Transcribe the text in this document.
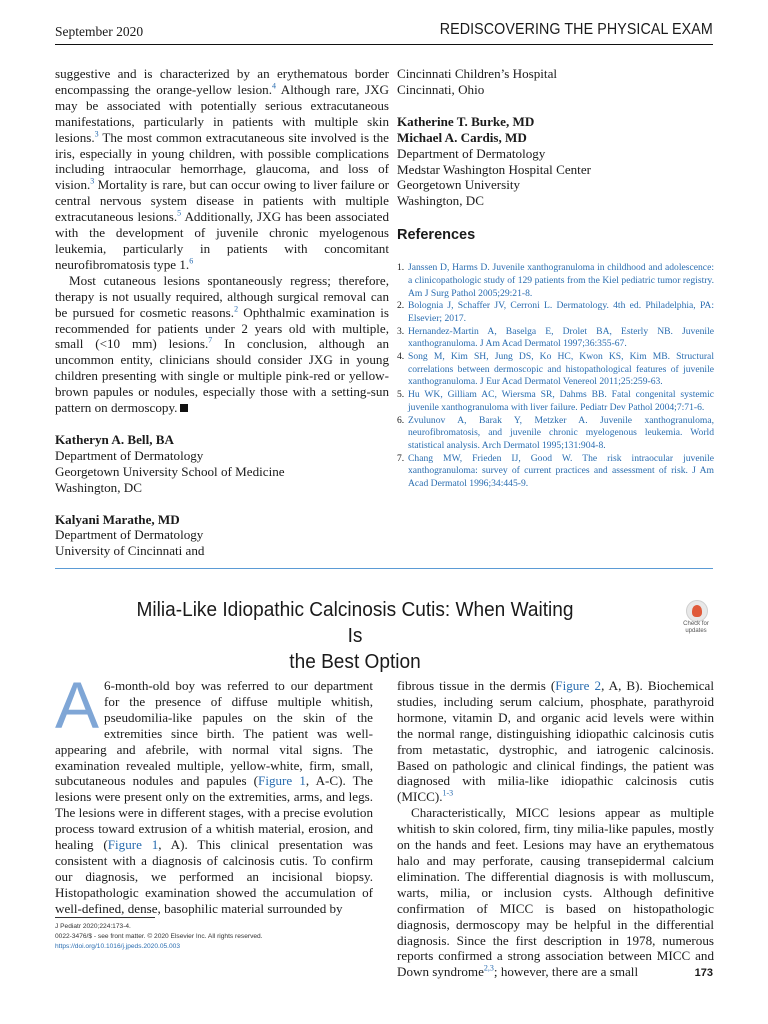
September 2020	REDISCOVERING THE PHYSICAL EXAM

suggestive and is characterized by an erythematous border encompassing the orange-yellow lesion.$^4$ Although rare, JXG may be associated with potentially serious extracutaneous manifestations, particularly in patients with multiple skin lesions.$^3$ The most common extracutaneous site involved is the iris, especially in young children, with possible complications including intraocular hemorrhage, glaucoma, and loss of vision.$^3$ Mortality is rare, but can occur owing to liver failure or central nervous system disease in patients with multiple extracutaneous lesions.$^5$ Additionally, JXG has been associated with the development of juvenile chronic myelogenous leukemia, particularly in patients with concomitant neurofibromatosis type 1.$^6$

Most cutaneous lesions spontaneously regress; therefore, therapy is not usually required, although surgical removal can be pursued for cosmetic reasons.$^2$ Ophthalmic examination is recommended for patients under 2 years old with multiple, small (<10 mm) lesions.$^7$ In conclusion, although an uncommon entity, clinicians should consider JXG in young children presenting with single or multiple pink-red or yellow-brown papules or nodules, especially those with a setting-sun pattern on dermoscopy.

Katheryn A. Bell, BA
Department of Dermatology
Georgetown University School of Medicine
Washington, DC
Kalyani Marathe, MD
Department of Dermatology
University of Cincinnati and
Cincinnati Children’s Hospital
Cincinnati, Ohio
Katherine T. Burke, MD
Michael A. Cardis, MD
Department of Dermatology
Medstar Washington Hospital Center
Georgetown University
Washington, DC
References
1. Janssen D, Harms D. Juvenile xanthogranuloma in childhood and adolescence: a clinicopathologic study of 129 patients from the Kiel pediatric tumor registry. Am J Surg Pathol 2005;29:21-8.
2. Bolognia J, Schaffer JV, Cerroni L. Dermatology. 4th ed. Philadelphia, PA: Elsevier; 2017.
3. Hernandez-Martin A, Baselga E, Drolet BA, Esterly NB. Juvenile xanthogranuloma. J Am Acad Dermatol 1997;36:355-67.
4. Song M, Kim SH, Jung DS, Ko HC, Kwon KS, Kim MB. Structural correlations between dermoscopic and histopathological features of juvenile xanthogranuloma. J Eur Acad Dermatol Venereol 2011;25:259-63.
5. Hu WK, Gilliam AC, Wiersma SR, Dahms BB. Fatal congenital systemic juvenile xanthogranuloma with liver failure. Pediatr Dev Pathol 2004;7:71-6.
6. Zvulunov A, Barak Y, Metzker A. Juvenile xanthogranuloma, neurofibromatosis, and juvenile chronic myelogenous leukemia. World statistical analysis. Arch Dermatol 1995;131:904-8.
7. Chang MW, Frieden IJ, Good W. The risk intraocular juvenile xanthogranuloma: survey of current practices and assessment of risk. J Am Acad Dermatol 1996;34:445-9.
Milia-Like Idiopathic Calcinosis Cutis: When Waiting Is
the Best Option
Check for updates

A 6-month-old boy was referred to our department for the presence of diffuse multiple whitish, pseudomilia-like papules on the skin of the extremities since birth. The patient was well-appearing and afebrile, with normal vital signs. The examination revealed multiple, yellow-white, firm, small, subcutaneous nodules and papules (Figure 1, A-C). The lesions were present only on the extremities, arms, and legs. The lesions were in different stages, with a precise evolution process toward extrusion of a whitish material, erosion, and healing (Figure 1, A). This clinical presentation was consistent with a diagnosis of calcinosis cutis. To confirm our diagnosis, we performed an incisional biopsy. Histopathologic examination showed the accumulation of well-defined, dense, basophilic material surrounded by

fibrous tissue in the dermis (Figure 2, A, B). Biochemical studies, including serum calcium, phosphate, parathyroid hormone, vitamin D, and organic acid levels were within the normal range, distinguishing idiopathic calcinosis cutis from metastatic, dystrophic, and iatrogenic calcinosis. Based on pathologic and clinical findings, the patient was diagnosed with milia-like idiopathic calcinosis cutis (MICC).$^{1-3}$

Characteristically, MICC lesions appear as multiple whitish to skin colored, firm, tiny milia-like papules, mostly on the hands and feet. Lesions may have an erythematous halo and may perforate, causing transepidermal calcium elimination. The differential diagnosis is with molluscum, warts, milia, or inclusion cysts. Although definitive confirmation of MICC is based on histopathologic diagnosis, dermoscopy may be helpful in the differential diagnosis. Since the first description in 1978, numerous reports confirmed a strong association between MICC and Down syndrome$^{2,3}$; however, there are a small

J Pediatr 2020;224:173-4.
0022-3476/$ - see front matter. © 2020 Elsevier Inc. All rights reserved.
https://doi.org/10.1016/j.jpeds.2020.05.003
173
